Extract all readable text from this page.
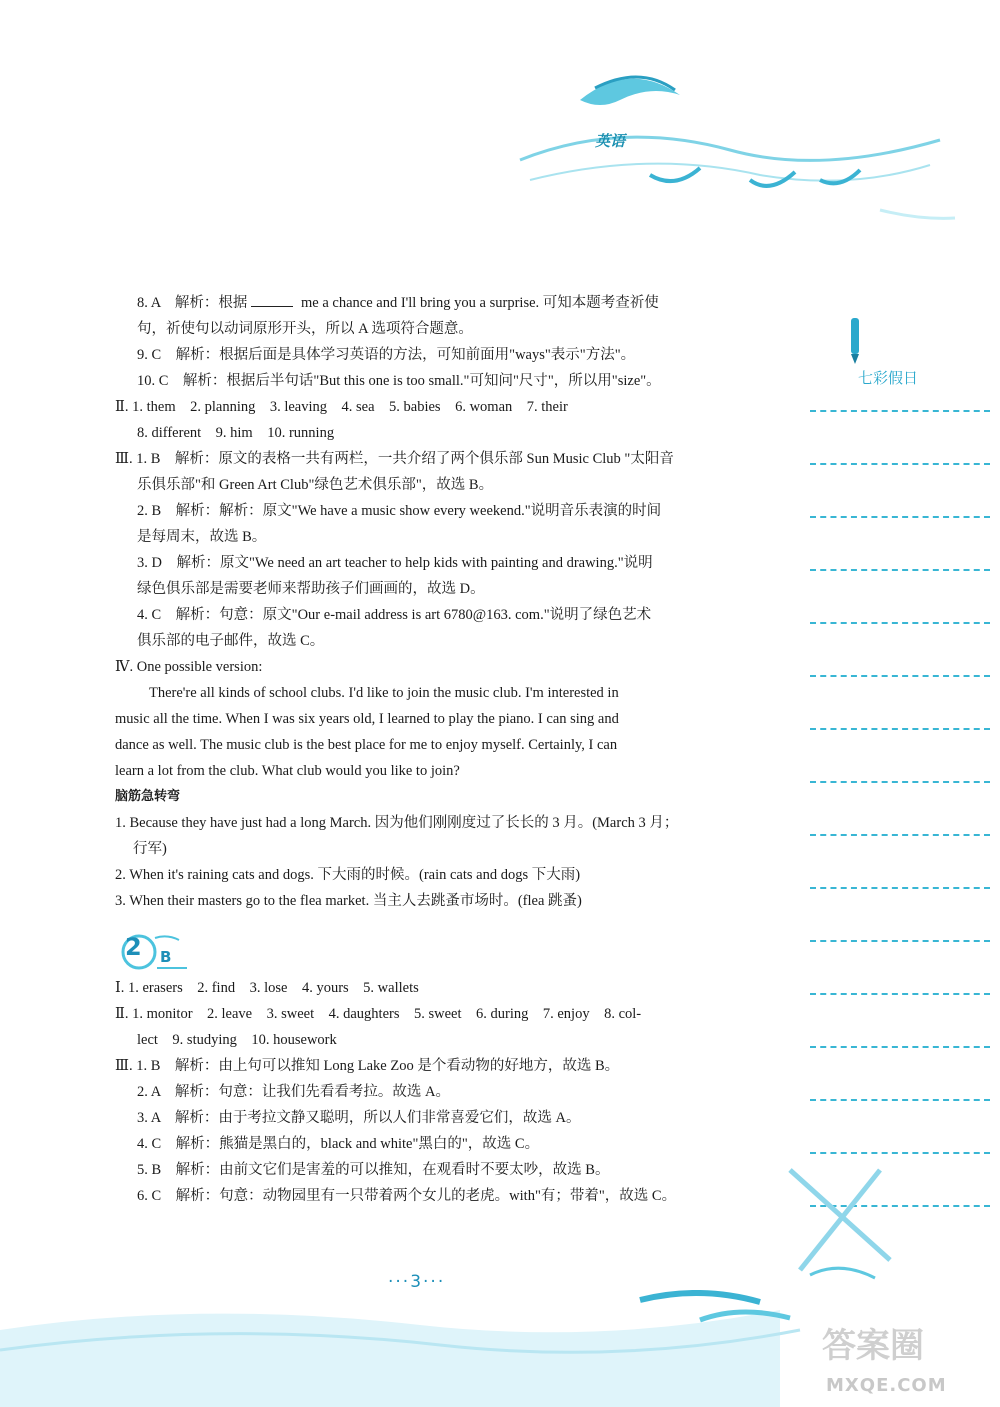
英语
七彩假日
8. A　解析：根据	me a chance and I'll bring you a surprise. 可知本题考查祈使
句，祈使句以动词原形开头，所以 A 选项符合题意。
9. C　解析：根据后面是具体学习英语的方法，可知前面用"ways"表示"方法"。
10. C　解析：根据后半句话"But this one is too small."可知问"尺寸"，所以用"size"。
Ⅱ. 1. them　2. planning　3. leaving　4. sea　5. babies　6. woman　7. their
8. different　9. him　10. running
Ⅲ. 1. B　解析：原文的表格一共有两栏，一共介绍了两个俱乐部 Sun Music Club "太阳音
乐俱乐部"和 Green Art Club"绿色艺术俱乐部"，故选 B。
2. B　解析：解析：原文"We have a music show every weekend."说明音乐表演的时间
是每周末，故选 B。
3. D　解析：原文"We need an art teacher to help kids with painting and drawing."说明
绿色俱乐部是需要老师来帮助孩子们画画的，故选 D。
4. C　解析：句意：原文"Our e-mail address is art 6780@163. com."说明了绿色艺术
俱乐部的电子邮件，故选 C。
Ⅳ. One possible version:
There're all kinds of school clubs. I'd like to join the music club. I'm interested in
music all the time. When I was six years old, I learned to play the piano. I can sing and
dance as well. The music club is the best place for me to enjoy myself. Certainly, I can
learn a lot from the club. What club would you like to join?
脑筋急转弯
1. Because they have just had a long March. 因为他们刚刚度过了长长的 3 月。(March 3 月；
行军)
2. When it's raining cats and dogs. 下大雨的时候。(rain cats and dogs 下大雨)
3. When their masters go to the flea market. 当主人去跳蚤市场时。(flea 跳蚤)
Ⅰ. 1. erasers　2. find　3. lose　4. yours　5. wallets
Ⅱ. 1. monitor　2. leave　3. sweet　4. daughters　5. sweet　6. during　7. enjoy　8. col-
lect　9. studying　10. housework
Ⅲ. 1. B　解析：由上句可以推知 Long Lake Zoo 是个看动物的好地方，故选 B。
2. A　解析：句意：让我们先看看考拉。故选 A。
3. A　解析：由于考拉文静又聪明，所以人们非常喜爱它们，故选 A。
4. C　解析：熊猫是黑白的，black and white"黑白的"，故选 C。
5. B　解析：由前文它们是害羞的可以推知，在观看时不要太吵，故选 B。
6. C　解析：句意：动物园里有一只带着两个女儿的老虎。with"有；带着"，故选 C。
2 B
···3···
答案圈
MXQE.COM
